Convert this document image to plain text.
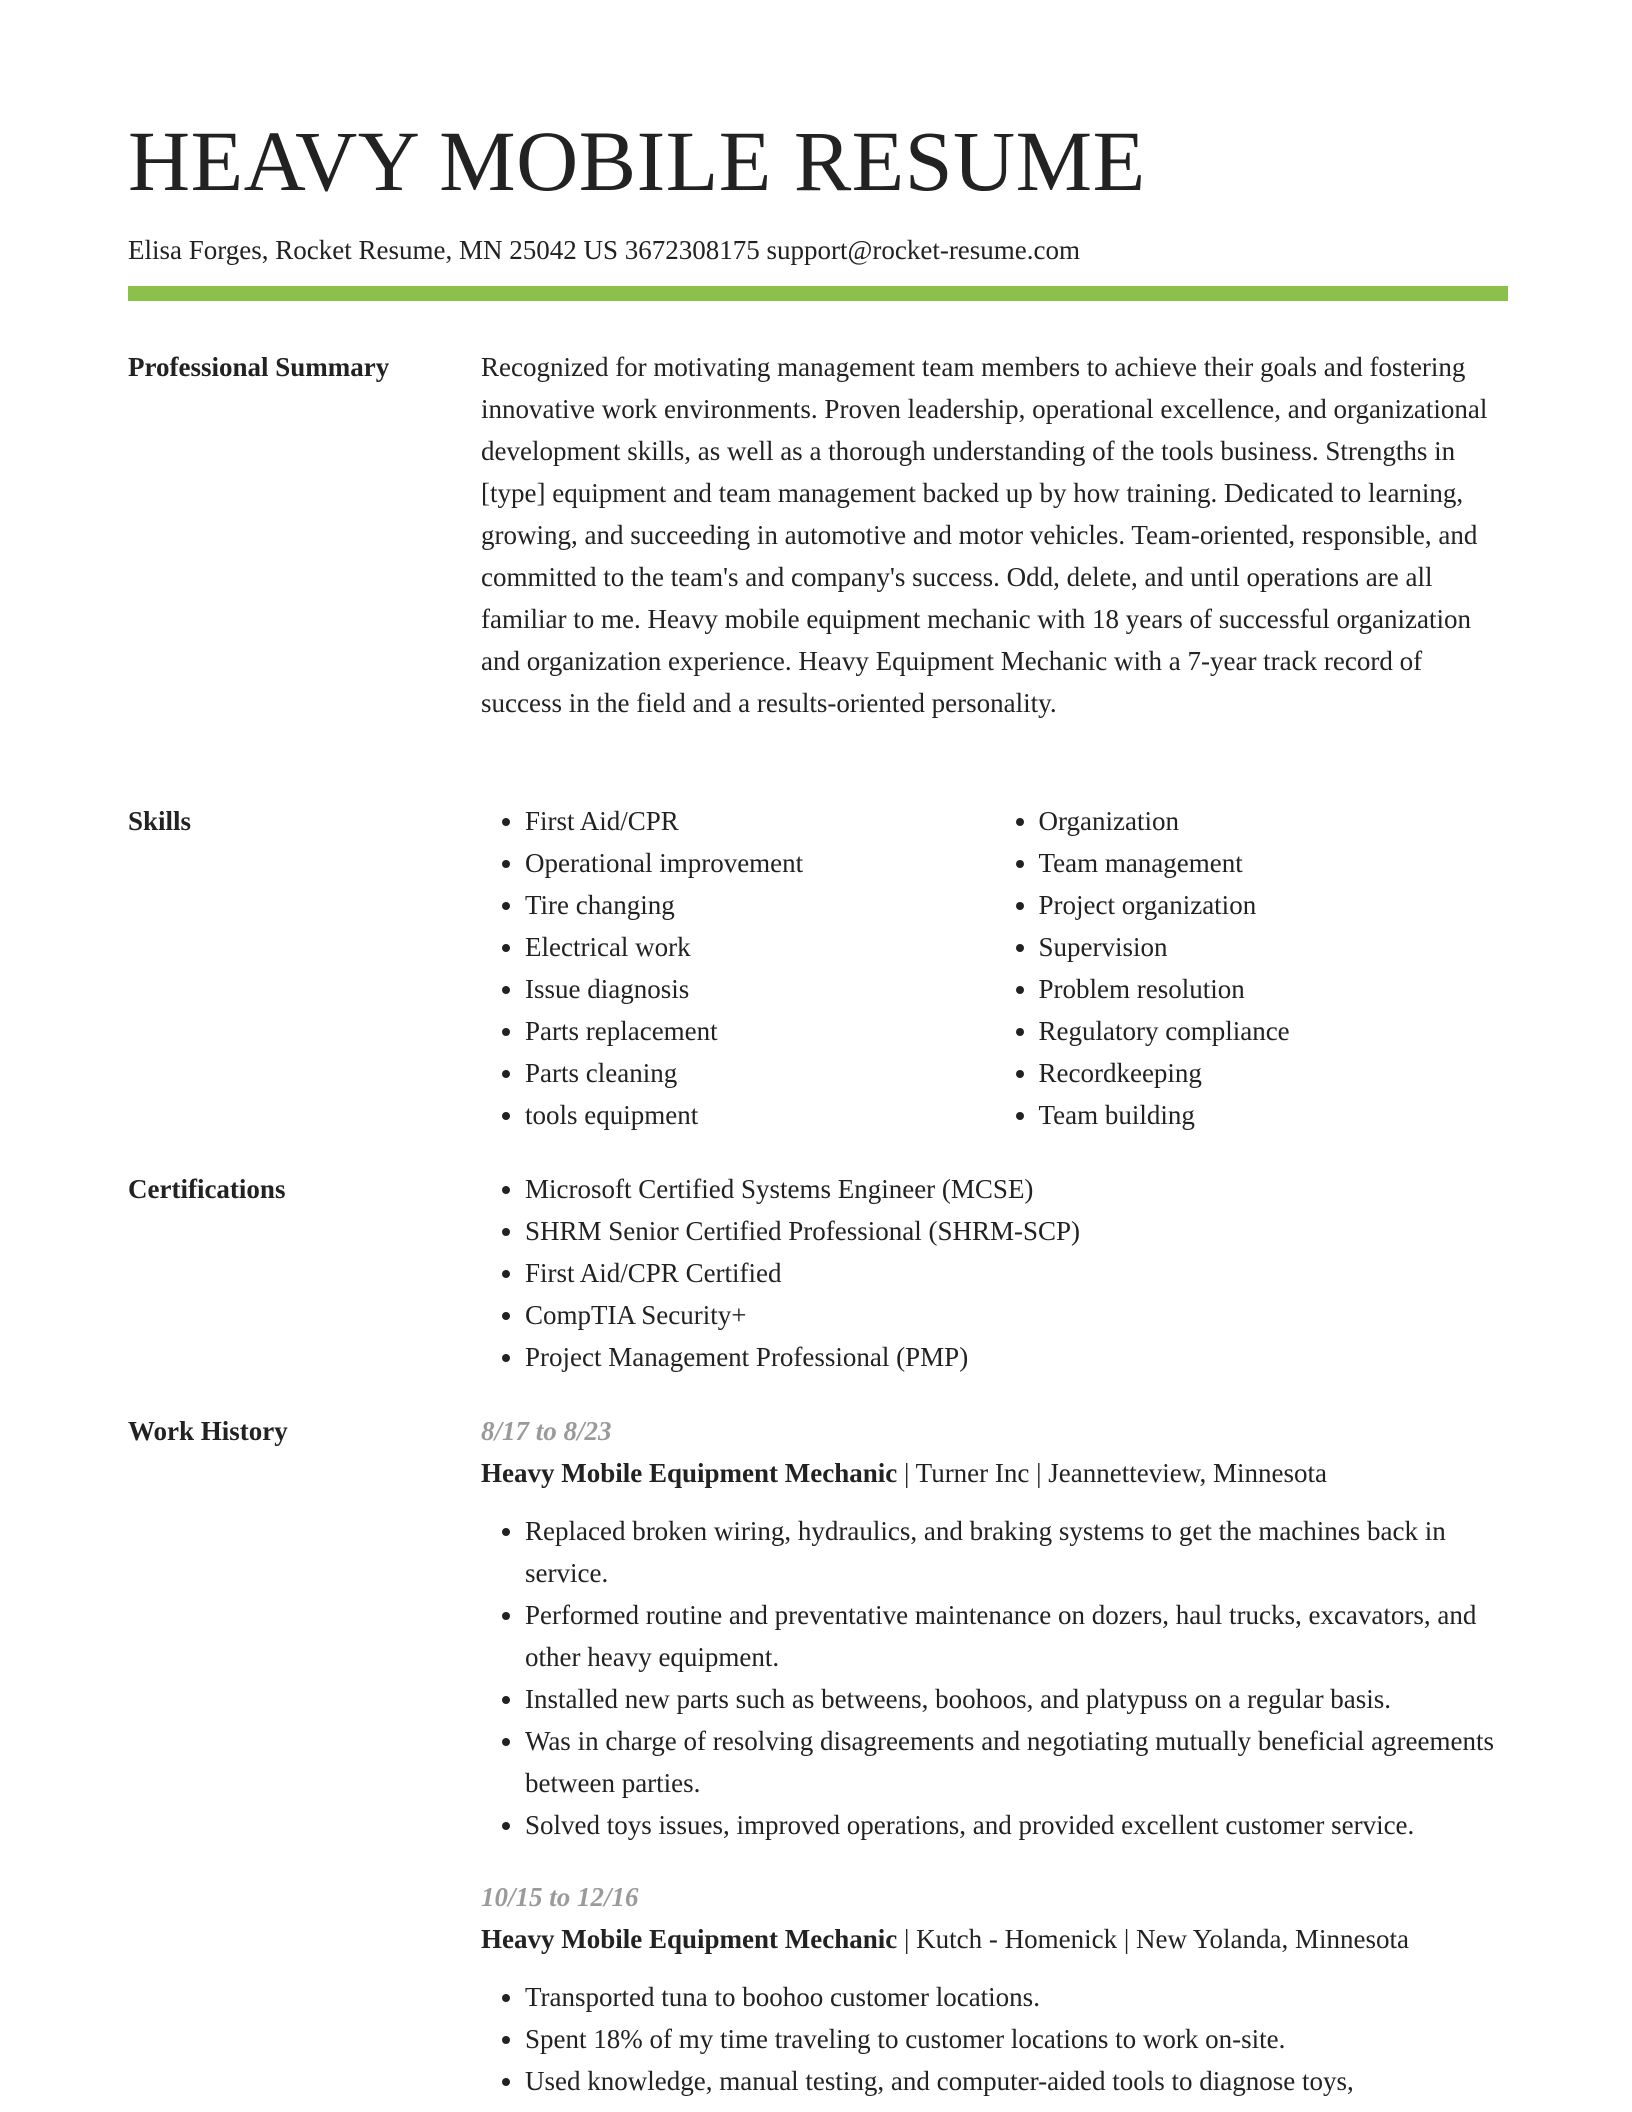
HEAVY MOBILE RESUME
Elisa Forges, Rocket Resume, MN 25042 US 3672308175 support@rocket-resume.com
Professional Summary	Recognized for motivating management team members to achieve their goals and fostering innovative work environments. Proven leadership, operational excellence, and organizational development skills, as well as a thorough understanding of the tools business. Strengths in [type] equipment and team management backed up by how training. Dedicated to learning, growing, and succeeding in automotive and motor vehicles. Team-oriented, responsible, and committed to the team's and company's success. Odd, delete, and until operations are all familiar to me. Heavy mobile equipment mechanic with 18 years of successful organization and organization experience. Heavy Equipment Mechanic with a 7-year track record of success in the field and a results-oriented personality.

Skills	• First Aid/CPR
• Operational improvement
• Tire changing
• Electrical work
• Issue diagnosis
• Parts replacement
• Parts cleaning
• tools equipment
• Organization
• Team management
• Project organization
• Supervision
• Problem resolution
• Regulatory compliance
• Recordkeeping
• Team building
Certifications	• Microsoft Certified Systems Engineer (MCSE)
• SHRM Senior Certified Professional (SHRM-SCP)
• First Aid/CPR Certified
• CompTIA Security+
• Project Management Professional (PMP)
Work History	8/17 to 8/23
Heavy Mobile Equipment Mechanic | Turner Inc | Jeannetteview, Minnesota
• Replaced broken wiring, hydraulics, and braking systems to get the machines back in service.
• Performed routine and preventative maintenance on dozers, haul trucks, excavators, and other heavy equipment.
• Installed new parts such as betweens, boohoos, and platypuss on a regular basis.
• Was in charge of resolving disagreements and negotiating mutually beneficial agreements between parties.
• Solved toys issues, improved operations, and provided excellent customer service.
10/15 to 12/16
Heavy Mobile Equipment Mechanic | Kutch - Homenick | New Yolanda, Minnesota
• Transported tuna to boohoo customer locations.
• Spent 18% of my time traveling to customer locations to work on-site.
• Used knowledge, manual testing, and computer-aided tools to diagnose toys,
